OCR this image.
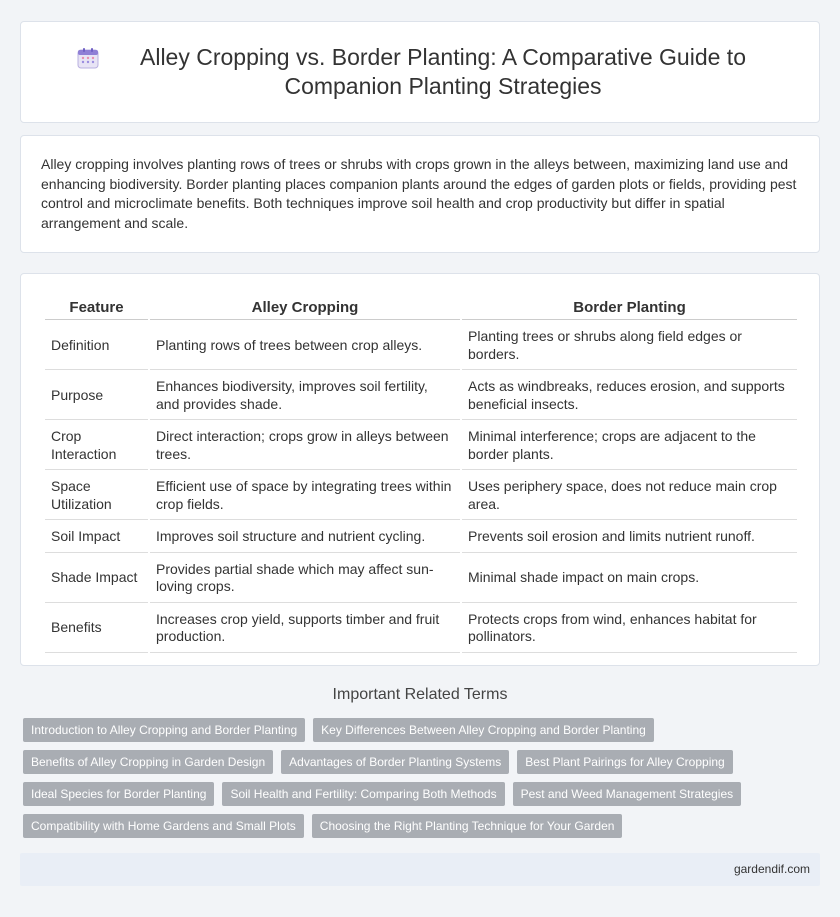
Alley Cropping vs. Border Planting: A Comparative Guide to Companion Planting Strategies

Alley cropping involves planting rows of trees or shrubs with crops grown in the alleys between, maximizing land use and enhancing biodiversity. Border planting places companion plants around the edges of garden plots or fields, providing pest control and microclimate benefits. Both techniques improve soil health and crop productivity but differ in spatial arrangement and scale.

Feature	Alley Cropping	Border Planting
Definition	Planting rows of trees between crop alleys.	Planting trees or shrubs along field edges or borders.
Purpose	Enhances biodiversity, improves soil fertility, and provides shade.	Acts as windbreaks, reduces erosion, and supports beneficial insects.
Crop Interaction	Direct interaction; crops grow in alleys between trees.	Minimal interference; crops are adjacent to the border plants.
Space Utilization	Efficient use of space by integrating trees within crop fields.	Uses periphery space, does not reduce main crop area.
Soil Impact	Improves soil structure and nutrient cycling.	Prevents soil erosion and limits nutrient runoff.
Shade Impact	Provides partial shade which may affect sun-loving crops.	Minimal shade impact on main crops.
Benefits	Increases crop yield, supports timber and fruit production.	Protects crops from wind, enhances habitat for pollinators.
Important Related Terms
Introduction to Alley Cropping and Border Planting	Key Differences Between Alley Cropping and Border Planting
Benefits of Alley Cropping in Garden Design	Advantages of Border Planting Systems	Best Plant Pairings for Alley Cropping
Ideal Species for Border Planting	Soil Health and Fertility: Comparing Both Methods	Pest and Weed Management Strategies
Compatibility with Home Gardens and Small Plots	Choosing the Right Planting Technique for Your Garden
gardendif.com
